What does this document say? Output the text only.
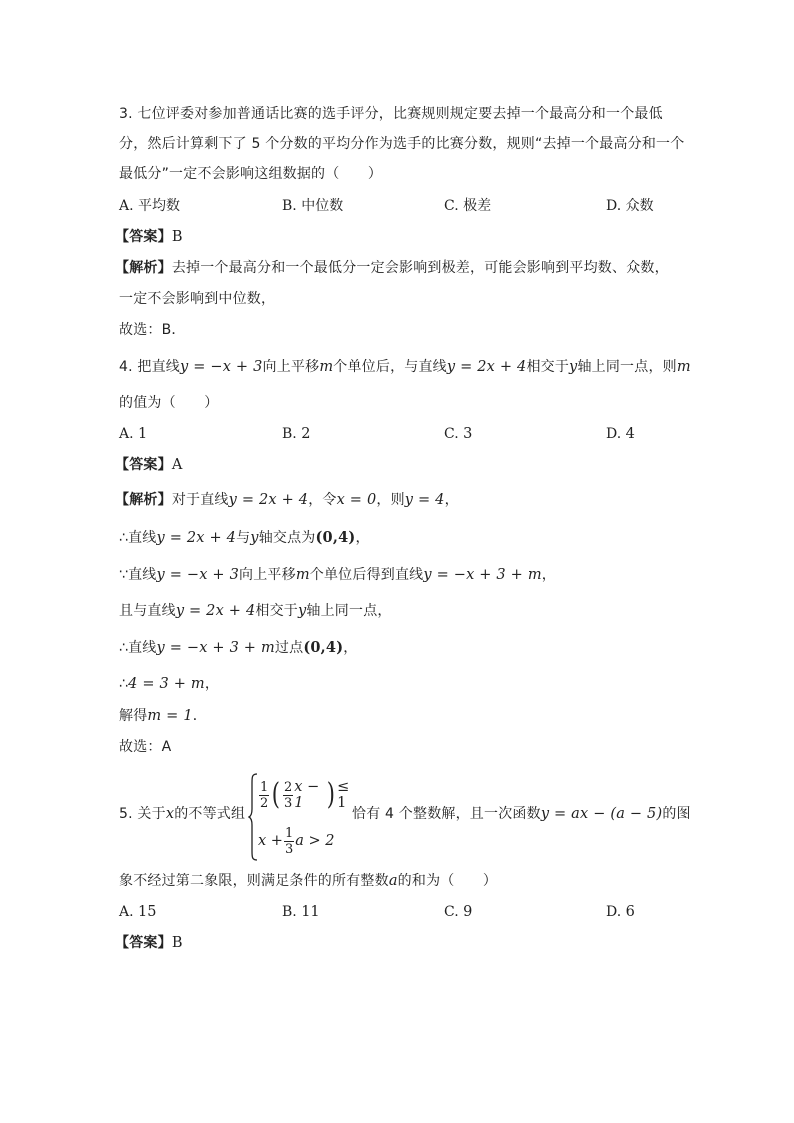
3. 七位评委对参加普通话比赛的选手评分，比赛规则规定要去掉一个最高分和一个最低
分，然后计算剩下了 5 个分数的平均分作为选手的比赛分数，规则“去掉一个最高分和一个
最低分”一定不会影响这组数据的（　　）
A. 平均数	B. 中位数	C. 极差	D. 众数
【答案】B
【解析】去掉一个最高分和一个最低分一定会影响到极差，可能会影响到平均数、众数，
一定不会影响到中位数，
故选：B．
4. 把直线y = −x + 3向上平移m个单位后，与直线y = 2x + 4相交于y轴上同一点，则m
的值为（　　）
A. 1	B. 2	C. 3	D. 4
【答案】A
【解析】对于直线y = 2x + 4，令x = 0，则y = 4，
∴直线y = 2x + 4与y轴交点为(0,4)，
∵直线y = −x + 3向上平移m个单位后得到直线y = −x + 3 + m，
且与直线y = 2x + 4相交于y轴上同一点，
∴直线y = −x + 3 + m过点(0,4)，
∴4 = 3 + m，
解得m = 1．
故选：A
5. 关于x的不等式组
$\frac{1}{2}$ ( $\frac{2}{3}$ x − 1 ) ≤ 1
$x + \frac{1}{3}$ a > 2
恰有 4 个整数解，且一次函数y = ax − (a − 5)的图
象不经过第二象限，则满足条件的所有整数a的和为（　　）
A. 15	B. 11	C. 9	D. 6
【答案】B
